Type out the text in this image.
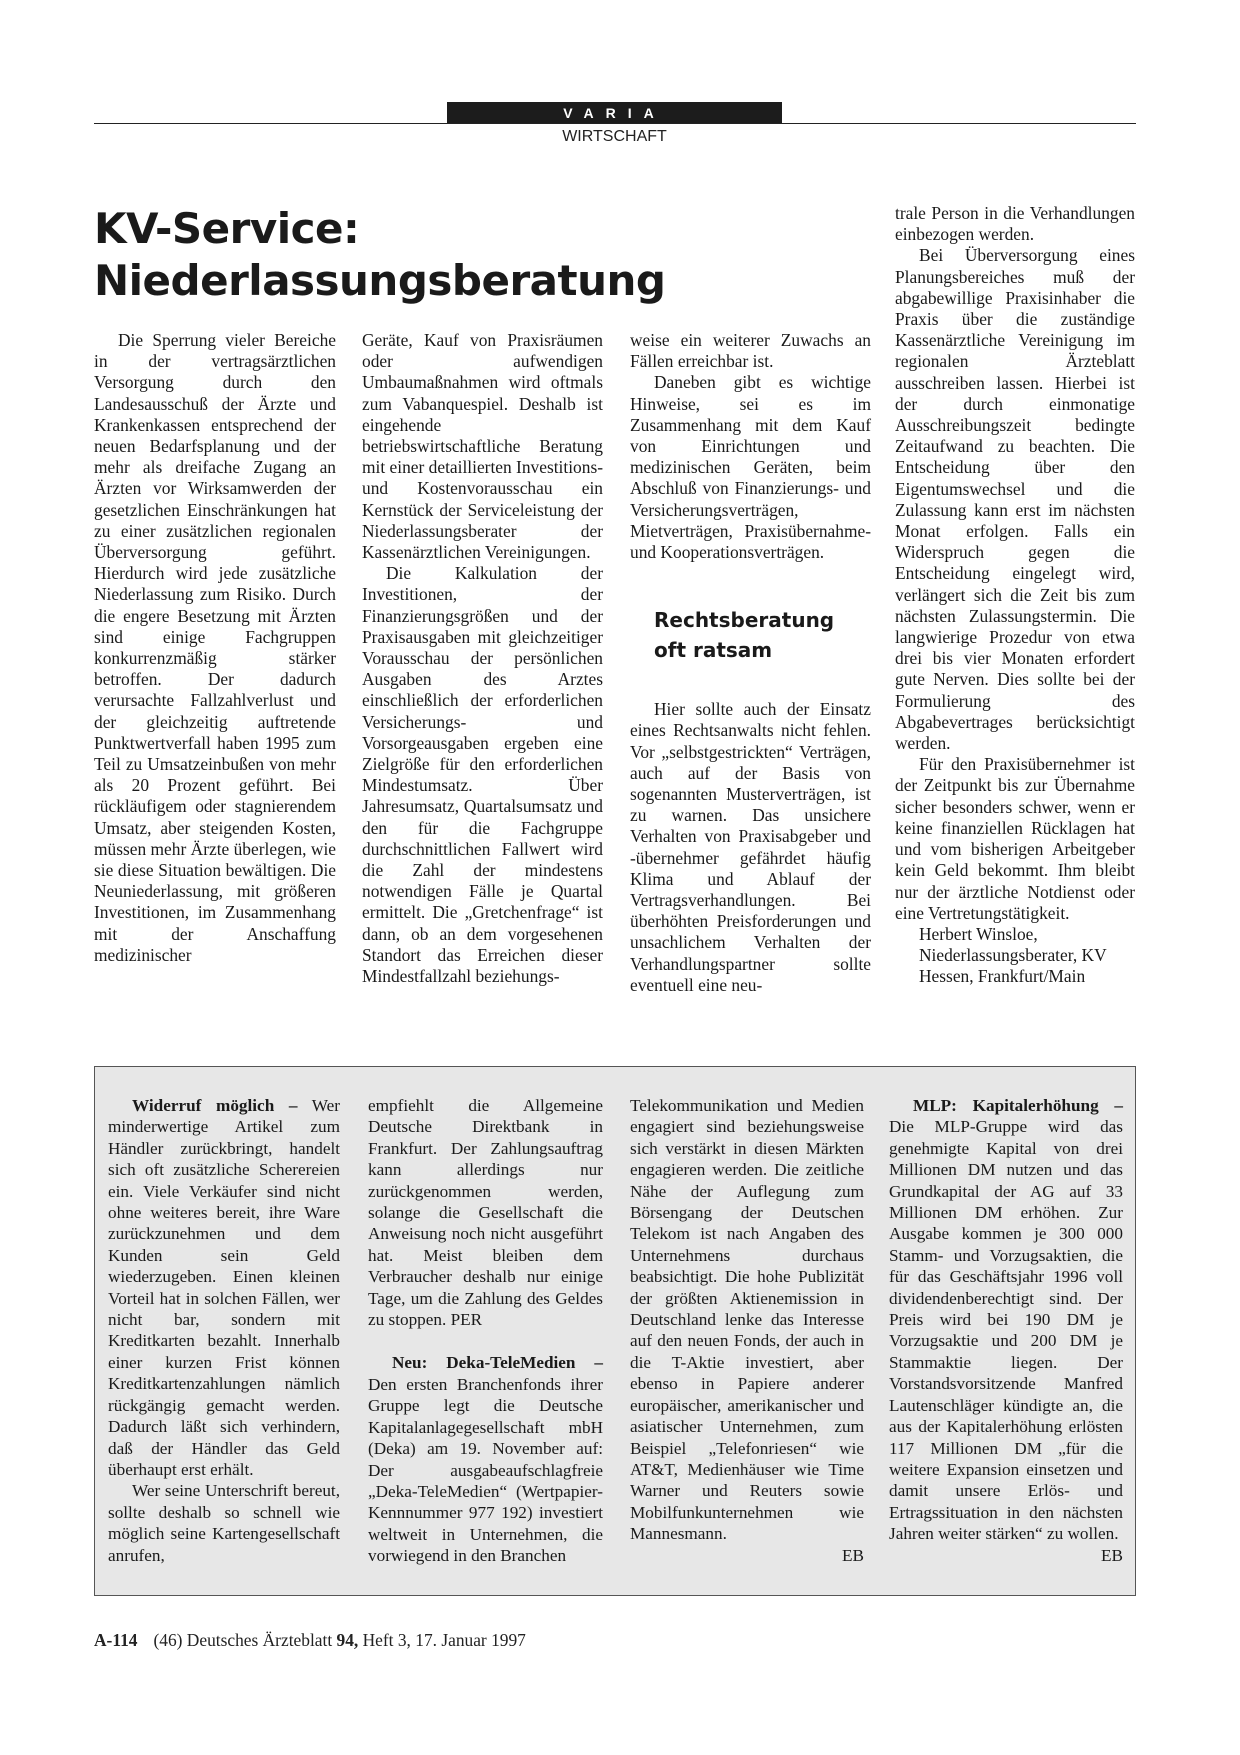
VARIA
WIRTSCHAFT
KV-Service:
Niederlassungsberatung

Die Sperrung vieler Bereiche in der vertragsärztlichen Versorgung durch den Landesausschuß der Ärzte und Krankenkassen entsprechend der neuen Bedarfsplanung und der mehr als dreifache Zugang an Ärzten vor Wirksamwerden der gesetzlichen Einschränkungen hat zu einer zusätzlichen regionalen Überversorgung geführt. Hierdurch wird jede zusätzliche Niederlassung zum Risiko. Durch die engere Besetzung mit Ärzten sind einige Fachgruppen konkurrenzmäßig stärker betroffen. Der dadurch verursachte Fallzahlverlust und der gleichzeitig auftretende Punktwertverfall haben 1995 zum Teil zu Umsatzeinbußen von mehr als 20 Prozent geführt. Bei rückläufigem oder stagnierendem Umsatz, aber steigenden Kosten, müssen mehr Ärzte überlegen, wie sie diese Situation bewältigen. Die Neuniederlassung, mit größeren Investitionen, im Zusammenhang mit der Anschaffung medizinischer

Geräte, Kauf von Praxisräumen oder aufwendigen Umbaumaßnahmen wird oftmals zum Vabanquespiel. Deshalb ist eingehende betriebswirtschaftliche Beratung mit einer detaillierten Investitions- und Kostenvorausschau ein Kernstück der Serviceleistung der Niederlassungsberater der Kassenärztlichen Vereinigungen.

Die Kalkulation der Investitionen, der Finanzierungsgrößen und der Praxisausgaben mit gleichzeitiger Vorausschau der persönlichen Ausgaben des Arztes einschließlich der erforderlichen Versicherungs- und Vorsorgeausgaben ergeben eine Zielgröße für den erforderlichen Mindestumsatz. Über Jahresumsatz, Quartalsumsatz und den für die Fachgruppe durchschnittlichen Fallwert wird die Zahl der mindestens notwendigen Fälle je Quartal ermittelt. Die „Gretchenfrage“ ist dann, ob an dem vorgesehenen Standort das Erreichen dieser Mindestfallzahl beziehungs-

weise ein weiterer Zuwachs an Fällen erreichbar ist.

Daneben gibt es wichtige Hinweise, sei es im Zusammenhang mit dem Kauf von Einrichtungen und medizinischen Geräten, beim Abschluß von Finanzierungs- und Versicherungsverträgen, Mietverträgen, Praxisübernahme- und Kooperationsverträgen.

Rechtsberatung
oft ratsam

Hier sollte auch der Einsatz eines Rechtsanwalts nicht fehlen. Vor „selbstgestrickten“ Verträgen, auch auf der Basis von sogenannten Musterverträgen, ist zu warnen. Das unsichere Verhalten von Praxisabgeber und -übernehmer gefährdet häufig Klima und Ablauf der Vertragsverhandlungen. Bei überhöhten Preisforderungen und unsachlichem Verhalten der Verhandlungspartner sollte eventuell eine neu-

trale Person in die Verhandlungen einbezogen werden.

Bei Überversorgung eines Planungsbereiches muß der abgabewillige Praxisinhaber die Praxis über die zuständige Kassenärztliche Vereinigung im regionalen Ärzteblatt ausschreiben lassen. Hierbei ist der durch einmonatige Ausschreibungszeit bedingte Zeitaufwand zu beachten. Die Entscheidung über den Eigentumswechsel und die Zulassung kann erst im nächsten Monat erfolgen. Falls ein Widerspruch gegen die Entscheidung eingelegt wird, verlängert sich die Zeit bis zum nächsten Zulassungstermin. Die langwierige Prozedur von etwa drei bis vier Monaten erfordert gute Nerven. Dies sollte bei der Formulierung des Abgabevertrages berücksichtigt werden.

Für den Praxisübernehmer ist der Zeitpunkt bis zur Übernahme sicher besonders schwer, wenn er keine finanziellen Rücklagen hat und vom bisherigen Arbeitgeber kein Geld bekommt. Ihm bleibt nur der ärztliche Notdienst oder eine Vertretungstätigkeit.

Herbert Winsloe, Niederlassungsberater, KV Hessen, Frankfurt/Main

Widerruf möglich – Wer minderwertige Artikel zum Händler zurückbringt, handelt sich oft zusätzliche Scherereien ein. Viele Verkäufer sind nicht ohne weiteres bereit, ihre Ware zurückzunehmen und dem Kunden sein Geld wiederzugeben. Einen kleinen Vorteil hat in solchen Fällen, wer nicht bar, sondern mit Kreditkarten bezahlt. Innerhalb einer kurzen Frist können Kreditkartenzahlungen nämlich rückgängig gemacht werden. Dadurch läßt sich verhindern, daß der Händler das Geld überhaupt erst erhält.

Wer seine Unterschrift bereut, sollte deshalb so schnell wie möglich seine Kartengesellschaft anrufen,

empfiehlt die Allgemeine Deutsche Direktbank in Frankfurt. Der Zahlungsauftrag kann allerdings nur zurückgenommen werden, solange die Gesellschaft die Anweisung noch nicht ausgeführt hat. Meist bleiben dem Verbraucher deshalb nur einige Tage, um die Zahlung des Geldes zu stoppen. PER

Neu: Deka-TeleMedien – Den ersten Branchenfonds ihrer Gruppe legt die Deutsche Kapitalanlagegesellschaft mbH (Deka) am 19. November auf: Der ausgabeaufschlagfreie „Deka-TeleMedien“ (Wertpapier-Kennnummer 977 192) investiert weltweit in Unternehmen, die vorwiegend in den Branchen

Telekommunikation und Medien engagiert sind beziehungsweise sich verstärkt in diesen Märkten engagieren werden. Die zeitliche Nähe der Auflegung zum Börsengang der Deutschen Telekom ist nach Angaben des Unternehmens durchaus beabsichtigt. Die hohe Publizität der größten Aktienemission in Deutschland lenke das Interesse auf den neuen Fonds, der auch in die T-Aktie investiert, aber ebenso in Papiere anderer europäischer, amerikanischer und asiatischer Unternehmen, zum Beispiel „Telefonriesen“ wie AT&T, Medienhäuser wie Time Warner und Reuters sowie Mobilfunkunternehmen wie Mannesmann.

EB

MLP: Kapitalerhöhung – Die MLP-Gruppe wird das genehmigte Kapital von drei Millionen DM nutzen und das Grundkapital der AG auf 33 Millionen DM erhöhen. Zur Ausgabe kommen je 300 000 Stamm- und Vorzugsaktien, die für das Geschäftsjahr 1996 voll dividendenberechtigt sind. Der Preis wird bei 190 DM je Vorzugsaktie und 200 DM je Stammaktie liegen. Der Vorstandsvorsitzende Manfred Lautenschläger kündigte an, die aus der Kapitalerhöhung erlösten 117 Millionen DM „für die weitere Expansion einsetzen und damit unsere Erlös- und Ertragssituation in den nächsten Jahren weiter stärken“ zu wollen.

EB

A-114 (46) Deutsches Ärzteblatt 94, Heft 3, 17. Januar 1997
